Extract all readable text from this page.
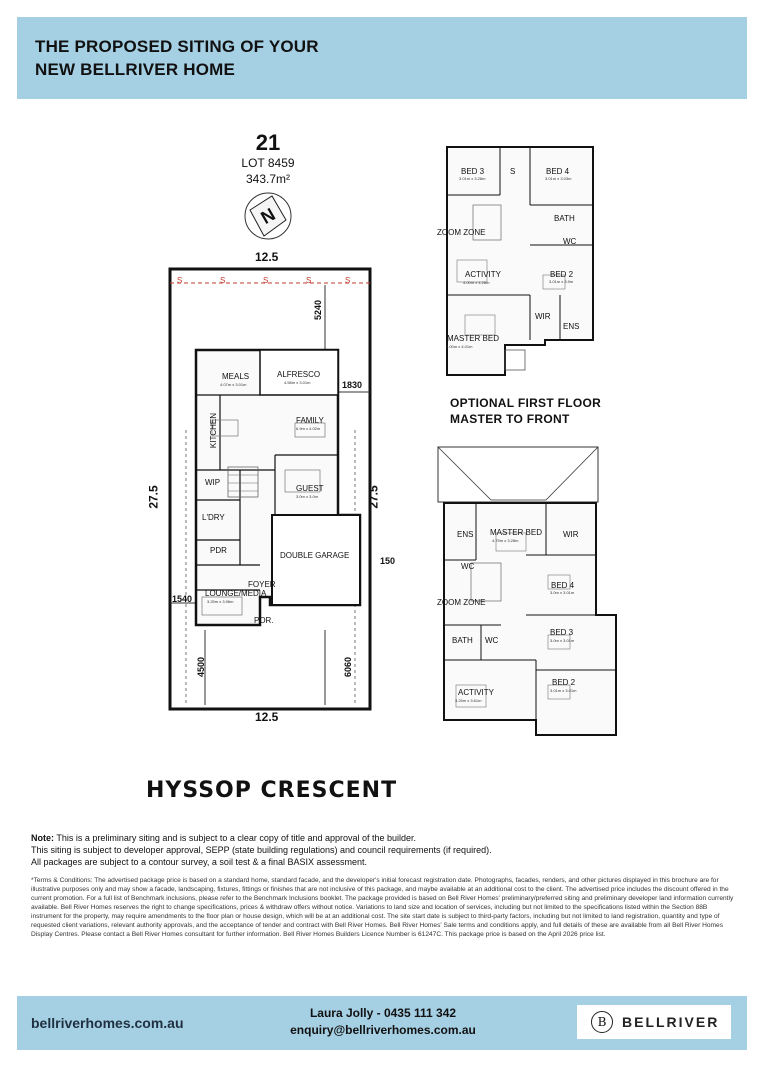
THE PROPOSED SITING OF YOUR
NEW BELLRIVER HOME
21
LOT 8459
343.7m²
N
S	S	S	S	S
12.5
12.5
27.5	27.5
5240
1830
150
1540
4500	6060
MEALS
4.07m x 3.01m
ALFRESCO
4.58m x 3.01m
KITCHEN	FAMILY
6.9m x 4.02m
WIP
GUEST
3.0m x 3.0m
L'DRY
PDR
DOUBLE GARAGE
FOYER
LOUNGE/MEDIA
3.25m x 3.96m
POR.
HYSSOP CRESCENT
BED 3
3.01m x 3.28m
S	BED 4
3.01m x 3.03m
BATH
ZOOM ZONE
WC
ACTIVITY
4.00m x 4.28m
BED 2
3.01m x 3.9m
WIR
ENS
MASTER BED
4.00m x 4.01m
OPTIONAL FIRST FLOOR
MASTER TO FRONT
ENS MASTER BED
4.75m x 3.28m
WIR
WC
BED 4
3.0m x 3.01m
ZOOM ZONE
BATH WC
BED 3
3.0m x 3.01m
BED 2
3.01m x 3.01m
ACTIVITY
3.25m x 3.61m
Note: This is a preliminary siting and is subject to a clear copy of title and approval of the builder.
This siting is subject to developer approval, SEPP (state building regulations) and council requirements (if required).
All packages are subject to a contour survey, a soil test & a final BASIX assessment.
*Terms & Conditions: The advertised package price is based on a standard home, standard facade, and the developer's initial forecast registration date. Photographs, facades, renders, and other pictures displayed in this brochure are for illustrative purposes only and may show a facade, landscaping, fixtures, fittings or finishes that are not inclusive of this package, and maybe available at an additional cost to the client. The advertised price includes the discount offered in the current promotion. For a full list of Benchmark inclusions, please refer to the Benchmark Inclusions booklet. The package provided is based on Bell River Homes' preliminary/preferred siting and preliminary developer land information currently available. Bell River Homes reserves the right to change specifications, prices & withdraw offers without notice. Variations to land size and location of services, including but not limited to the specifications listed within the Section 88B instrument for the property, may require amendments to the floor plan or house design, which will be at an additional cost. The site start date is subject to third-party factors, including but not limited to land registration, quantity and type of requested client variations, relevant authority approvals, and the acceptance of tender and contract with Bell River Homes. Bell River Homes' Sale terms and conditions apply, and full details of these are available from all Bell River Homes Display Centres. Please contact a Bell River Homes consultant for further information. Bell River Homes Builders Licence Number is 61247C. This package price is based on the April 2026 price list.
bellriverhomes.com.au
Laura Jolly - 0435 111 342
enquiry@bellriverhomes.com.au
B	BELLRIVER
